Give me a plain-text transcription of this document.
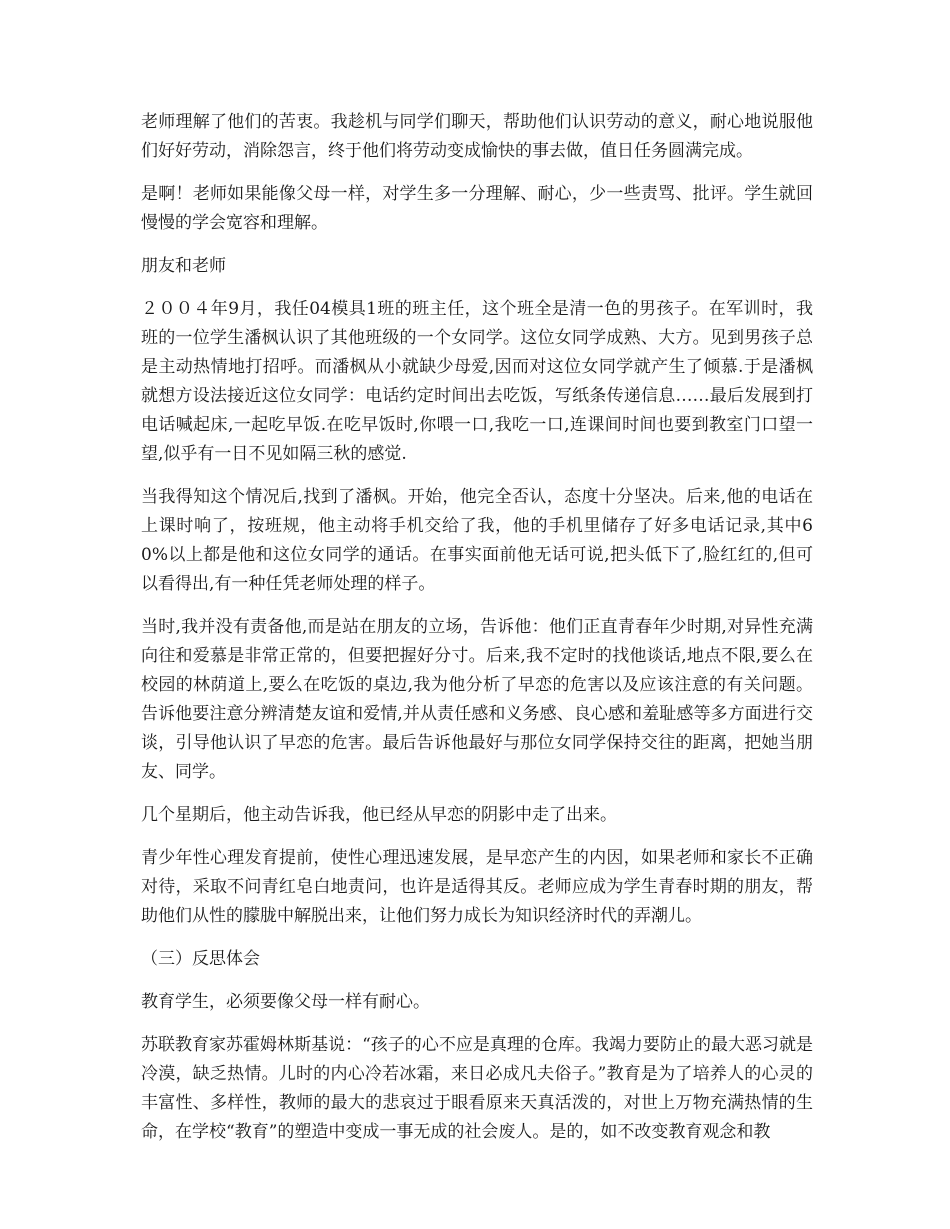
老师理解了他们的苦衷。我趁机与同学们聊天，帮助他们认识劳动的意义，耐心地说服他们好好劳动，消除怨言，终于他们将劳动变成愉快的事去做，值日任务圆满完成。

是啊！老师如果能像父母一样，对学生多一分理解、耐心，少一些责骂、批评。学生就回慢慢的学会宽容和理解。

朋友和老师

２００４年9月，我任04模具1班的班主任，这个班全是清一色的男孩子。在军训时，我班的一位学生潘枫认识了其他班级的一个女同学。这位女同学成熟、大方。见到男孩子总是主动热情地打招呼。而潘枫从小就缺少母爱,因而对这位女同学就产生了倾慕.于是潘枫就想方设法接近这位女同学：电话约定时间出去吃饭，写纸条传递信息……最后发展到打电话喊起床,一起吃早饭.在吃早饭时,你喂一口,我吃一口,连课间时间也要到教室门口望一望,似乎有一日不见如隔三秋的感觉.

当我得知这个情况后,找到了潘枫。开始，他完全否认，态度十分坚决。后来,他的电话在上课时响了，按班规，他主动将手机交给了我，他的手机里储存了好多电话记录,其中60%以上都是他和这位女同学的通话。在事实面前他无话可说,把头低下了,脸红红的,但可以看得出,有一种任凭老师处理的样子。

当时,我并没有责备他,而是站在朋友的立场，告诉他：他们正直青春年少时期,对异性充满向往和爱慕是非常正常的，但要把握好分寸。后来,我不定时的找他谈话,地点不限,要么在校园的林荫道上,要么在吃饭的桌边,我为他分析了早恋的危害以及应该注意的有关问题。告诉他要注意分辨清楚友谊和爱情,并从责任感和义务感、良心感和羞耻感等多方面进行交谈，引导他认识了早恋的危害。最后告诉他最好与那位女同学保持交往的距离，把她当朋友、同学。

几个星期后，他主动告诉我，他已经从早恋的阴影中走了出来。

青少年性心理发育提前，使性心理迅速发展，是早恋产生的内因，如果老师和家长不正确对待，采取不问青红皂白地责问，也许是适得其反。老师应成为学生青春时期的朋友，帮助他们从性的朦胧中解脱出来，让他们努力成长为知识经济时代的弄潮儿。

（三）反思体会

教育学生，必须要像父母一样有耐心。

苏联教育家苏霍姆林斯基说：“孩子的心不应是真理的仓库。我竭力要防止的最大恶习就是冷漠，缺乏热情。儿时的内心冷若冰霜，来日必成凡夫俗子。”教育是为了培养人的心灵的丰富性、多样性，教师的最大的悲哀过于眼看原来天真活泼的，对世上万物充满热情的生命，在学校“教育”的塑造中变成一事无成的社会废人。是的，如不改变教育观念和教
